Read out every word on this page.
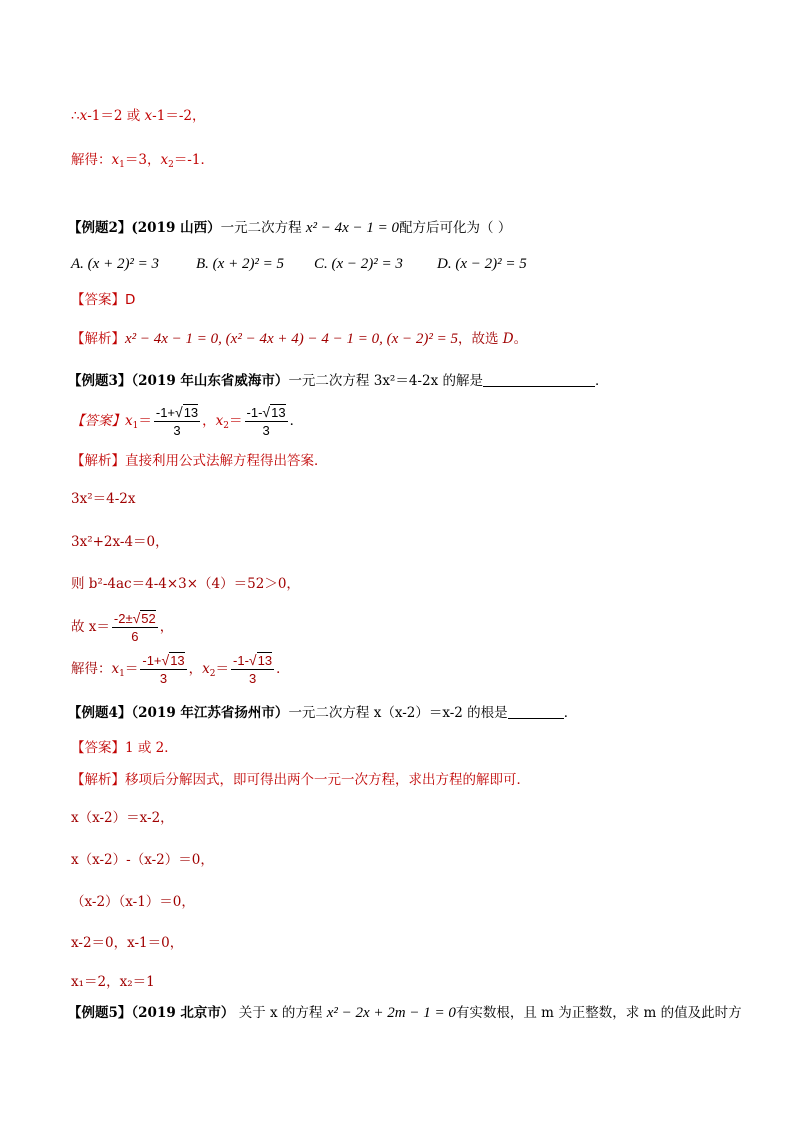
∴x-1＝2 或 x-1＝-2，
解得：$x_1=3$，$x_2=-1$．
【例题2】(2019 山西）一元二次方程 x² − 4x − 1 = 0配方后可化为（ ）
A. (x + 2)² = 3 B. (x + 2)² = 5 C. (x − 2)² = 3 D. (x − 2)² = 5
【答案】D
【解析】x² − 4x − 1 = 0, (x² − 4x + 4) − 4 − 1 = 0, (x − 2)² = 5，故选 D。
【例题3】（2019 年山东省威海市）一元二次方程 3x²＝4-2x 的解是	．
【答案】$x_1= \frac{-1+√13}{3}$ ，$x_2= \frac{-1-√13}{3}$ ．
【解析】直接利用公式法解方程得出答案．
3x²＝4-2x
3x²+2x-4＝0，
则 b²-4ac＝4-4×3×（4）＝52＞0，
故 $x= \frac{-2\pm√52}{6}$ ，
解得：$x_1= \frac{-1+√13}{3}$ ，$x_2= \frac{-1-√13}{3}$ ．
【例题4】（2019 年江苏省扬州市）一元二次方程 x（x-2）＝x-2 的根是	．
【答案】1 或 2．
【解析】移项后分解因式，即可得出两个一元一次方程，求出方程的解即可．
x（x-2）＝x-2，
x（x-2）-（x-2）＝0，
（x-2）（x-1）＝0，
x-2＝0，x-1＝0，
x₁＝2，x₂＝1
【例题5】（2019 北京市） 关于 x 的方程 x² − 2x + 2m − 1 = 0有实数根，且 m 为正整数，求 m 的值及此时方
